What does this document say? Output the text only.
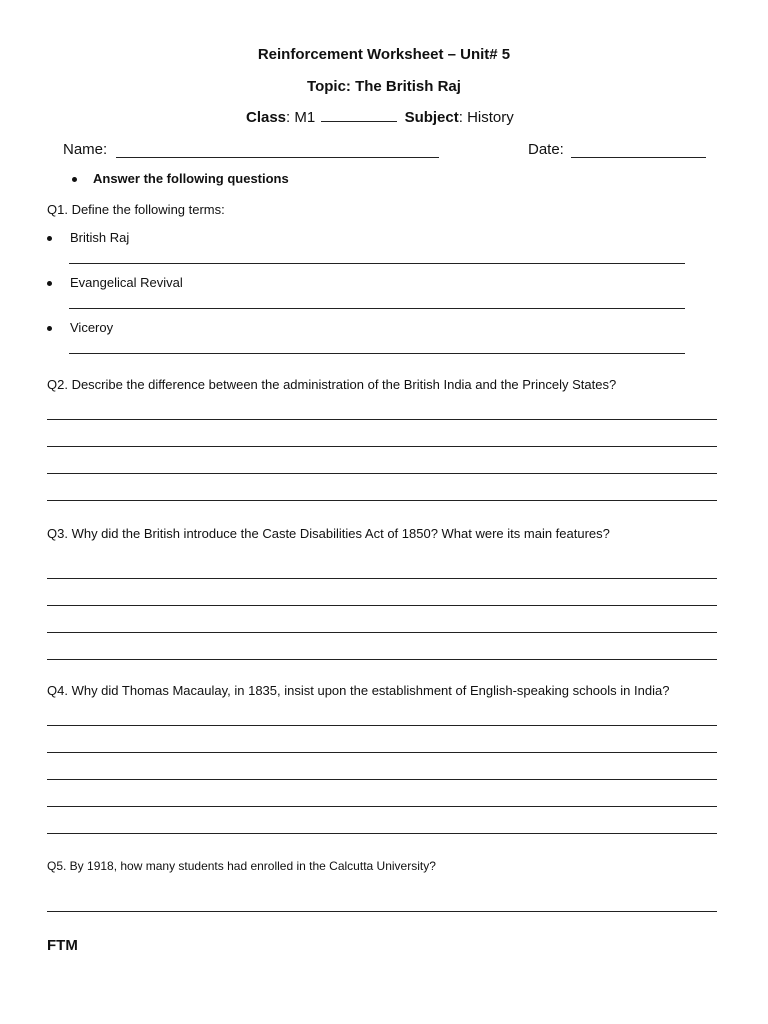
Reinforcement Worksheet – Unit# 5
Topic: The British Raj
Class: M1	Subject: History
Name:	Date:
Answer the following questions
Q1. Define the following terms:
British Raj
Evangelical Revival
Viceroy
Q2. Describe the difference between the administration of the British India and the Princely States?
Q3. Why did the British introduce the Caste Disabilities Act of 1850? What were its main features?
Q4. Why did Thomas Macaulay, in 1835, insist upon the establishment of English-speaking schools in India?
Q5. By 1918, how many students had enrolled in the Calcutta University?
FTM
